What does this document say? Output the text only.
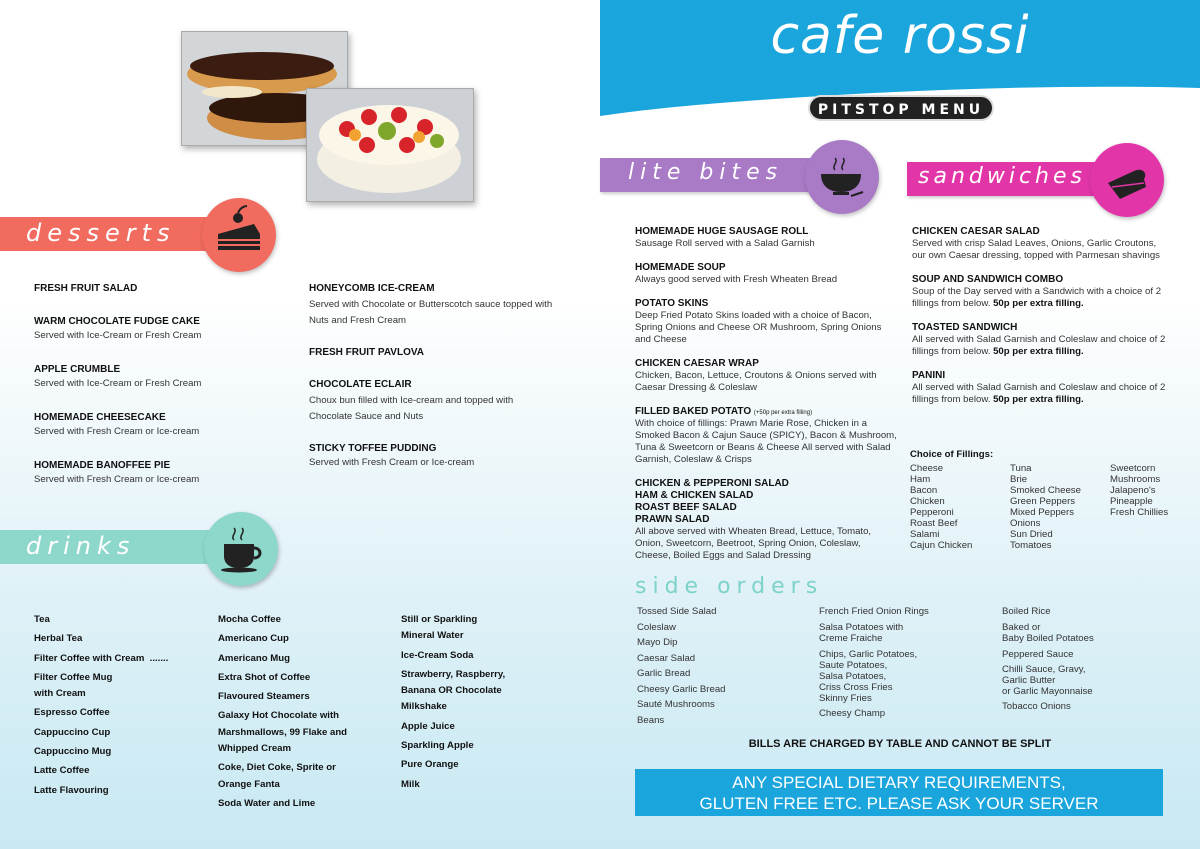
cafe rossi
PITSTOP MENU
desserts

FRESH FRUIT SALAD

WARM CHOCOLATE FUDGE CAKE

Served with Ice-Cream or Fresh Cream

APPLE CRUMBLE

Served with Ice-Cream or Fresh Cream

HOMEMADE CHEESECAKE

Served with Fresh Cream or Ice-cream

HOMEMADE BANOFFEE PIE

Served with Fresh Cream or Ice-cream

HONEYCOMB ICE-CREAM

Served with Chocolate or Butterscotch sauce topped with Nuts and Fresh Cream

FRESH FRUIT PAVLOVA

CHOCOLATE ECLAIR

Choux bun filled with Ice-cream and topped with Chocolate Sauce and Nuts

STICKY TOFFEE PUDDING

Served with Fresh Cream or Ice-cream

drinks
Tea
Herbal Tea
Filter Coffee with Cream  .......
Filter Coffee Mug with Cream
Espresso Coffee
Cappuccino Cup
Cappuccino Mug
Latte Coffee
Latte Flavouring
Mocha Coffee
Americano Cup
Americano Mug
Extra Shot of Coffee
Flavoured Steamers
Galaxy Hot Chocolate with Marshmallows, 99 Flake and Whipped Cream
Coke, Diet Coke, Sprite or Orange Fanta
Soda Water and Lime
Still or Sparkling Mineral Water
Ice-Cream Soda
Strawberry, Raspberry, Banana OR Chocolate Milkshake
Apple Juice
Sparkling Apple
Pure Orange
Milk
lite bites

HOMEMADE HUGE SAUSAGE ROLL

Sausage Roll served with a Salad Garnish

HOMEMADE SOUP

Always good served with Fresh Wheaten Bread

POTATO SKINS

Deep Fried Potato Skins loaded with a choice of Bacon, Spring Onions and Cheese OR Mushroom, Spring Onions and Cheese

CHICKEN CAESAR WRAP

Chicken, Bacon, Lettuce, Croutons & Onions served with Caesar Dressing & Coleslaw

FILLED BAKED POTATO (+50p per extra filling)

With choice of fillings: Prawn Marie Rose, Chicken in a Smoked Bacon & Cajun Sauce (SPICY), Bacon & Mushroom, Tuna & Sweetcorn or Beans & Cheese All served with Salad Garnish, Coleslaw & Crisps

CHICKEN & PEPPERONI SALAD
HAM & CHICKEN SALAD
ROAST BEEF SALAD
PRAWN SALAD

All above served with Wheaten Bread, Lettuce, Tomato, Onion, Sweetcorn, Beetroot, Spring Onion, Coleslaw, Cheese, Boiled Eggs and Salad Dressing

sandwiches

CHICKEN CAESAR SALAD

Served with crisp Salad Leaves, Onions, Garlic Croutons, our own Caesar dressing, topped with Parmesan shavings

SOUP AND SANDWICH COMBO

Soup of the Day served with a Sandwich with a choice of 2 fillings from below. 50p per extra filling.

TOASTED SANDWICH

All served with Salad Garnish and Coleslaw and choice of 2 fillings from below. 50p per extra filling.

PANINI

All served with Salad Garnish and Coleslaw and choice of 2 fillings from below. 50p per extra filling.

Choice of Fillings:
Cheese
Ham
Bacon
Chicken
Pepperoni
Roast Beef
Salami
Cajun Chicken
Tuna
Brie
Smoked Cheese
Green Peppers
Mixed Peppers
Onions
Sun Dried Tomatoes
Sweetcorn
Mushrooms
Jalapeno's
Pineapple
Fresh Chillies
side orders
Tossed Side Salad
Coleslaw
Mayo Dip
Caesar Salad
Garlic Bread
Cheesy Garlic Bread
Sauté Mushrooms
Beans
French Fried Onion Rings
Salsa Potatoes with
Creme Fraiche
Chips, Garlic Potatoes,
Saute Potatoes,
Salsa Potatoes,
Criss Cross Fries
Skinny Fries
Cheesy Champ
Boiled Rice
Baked or
Baby Boiled Potatoes
Peppered Sauce
Chilli Sauce, Gravy,
Garlic Butter
or Garlic Mayonnaise
Tobacco Onions
BILLS ARE CHARGED BY TABLE AND CANNOT BE SPLIT
ANY SPECIAL DIETARY REQUIREMENTS,
GLUTEN FREE ETC. PLEASE ASK YOUR SERVER
